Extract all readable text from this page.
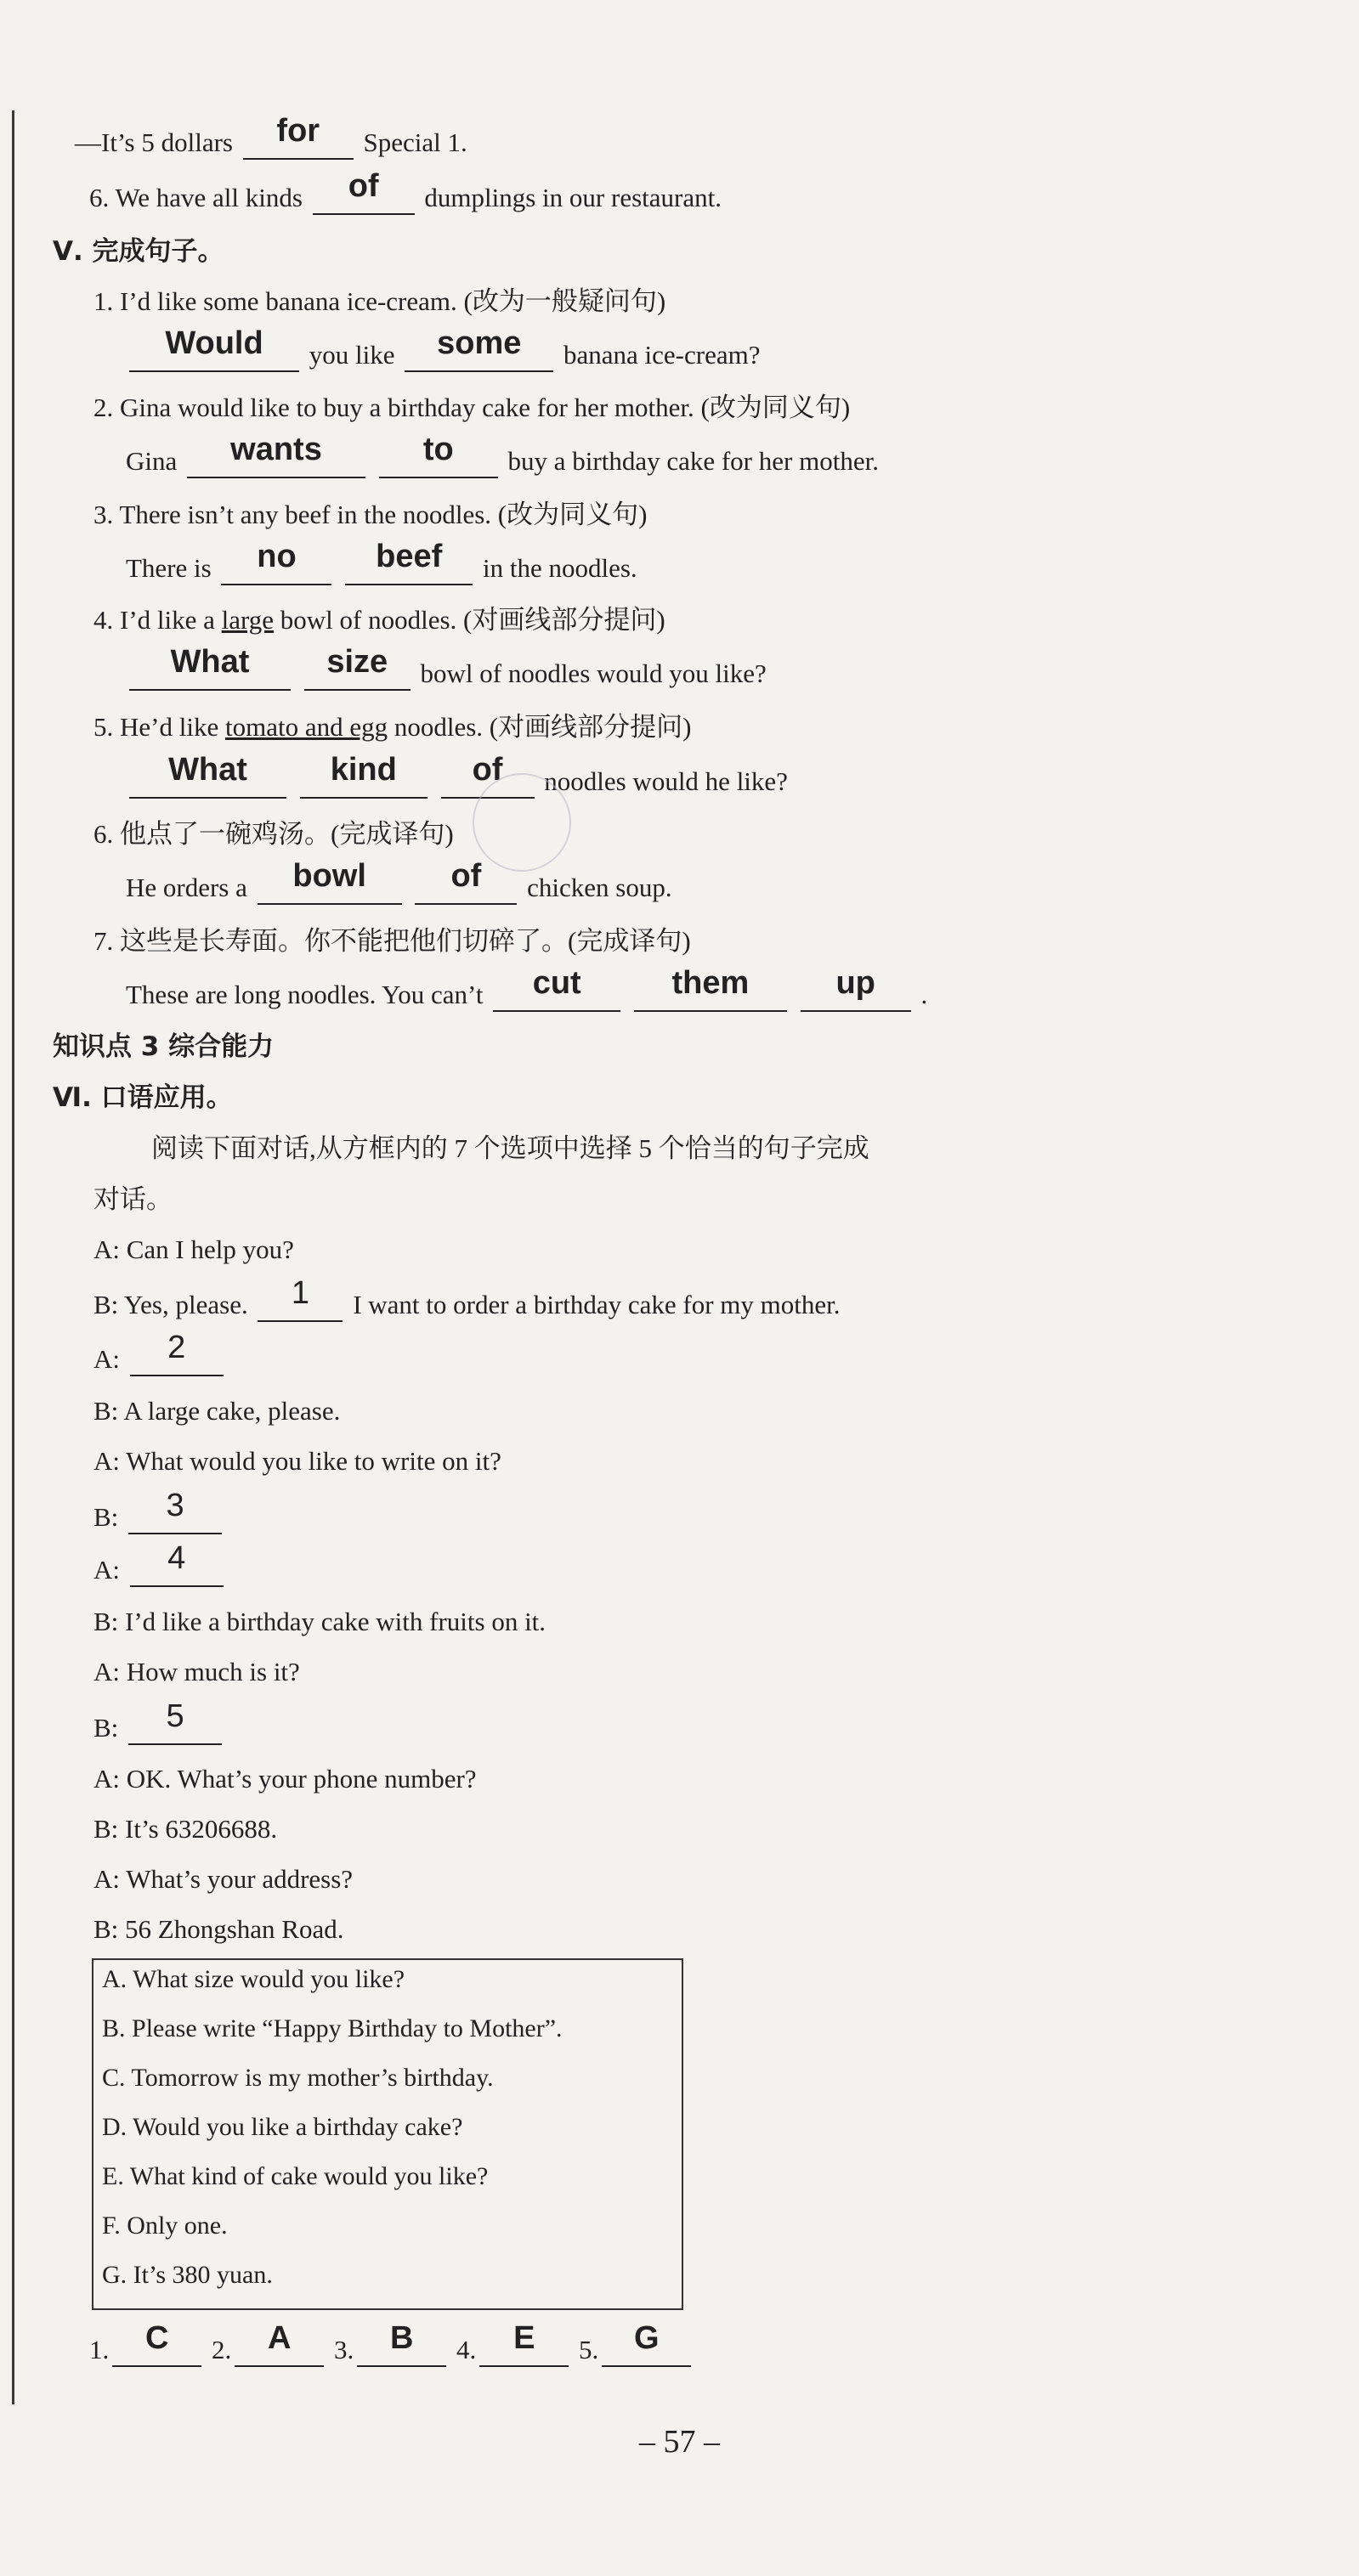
—It’s 5 dollars for Special 1.
6. We have all kinds of dumplings in our restaurant.
Ⅴ. 完成句子。
1. I’d like some banana ice-cream. (改为一般疑问句)
Would you like some banana ice-cream?
2. Gina would like to buy a birthday cake for her mother. (改为同义句)
Gina wants	to buy a birthday cake for her mother.
3. There isn’t any beef in the noodles. (改为同义句)
There is no beef in the noodles.
4. I’d like a large bowl of noodles. (对画线部分提问)
What size bowl of noodles would you like?
5. He’d like tomato and egg noodles. (对画线部分提问)
What	kind of noodles would he like?
6. 他点了一碗鸡汤。(完成译句)
He orders a bowl	of chicken soup.
7. 这些是长寿面。你不能把他们切碎了。(完成译句)
These are long noodles. You can’t cut	them	up .
知识点 3 综合能力
Ⅵ. 口语应用。
阅读下面对话,从方框内的 7 个选项中选择 5 个恰当的句子完成
对话。
A: Can I help you?
B: Yes, please. 1 I want to order a birthday cake for my mother.
A: 2
B: A large cake, please.
A: What would you like to write on it?
B: 3
A: 4
B: I’d like a birthday cake with fruits on it.
A: How much is it?
B: 5
A: OK. What’s your phone number?
B: It’s 63206688.
A: What’s your address?
B: 56 Zhongshan Road.
A. What size would you like?
B. Please write “Happy Birthday to Mother”.
C. Tomorrow is my mother’s birthday.
D. Would you like a birthday cake?
E. What kind of cake would you like?
F. Only one.
G. It’s 380 yuan.
1. C 2. A 3. B 4. E 5. G
– 57 –
